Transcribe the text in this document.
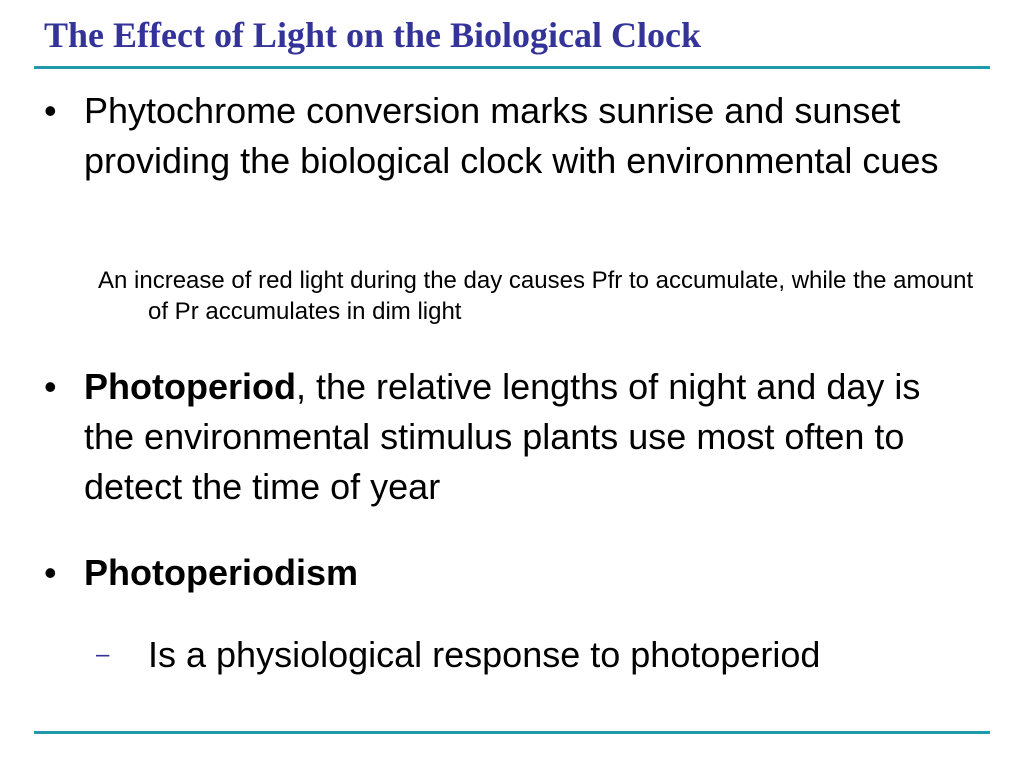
The Effect of Light on the Biological Clock
• Phytochrome conversion marks sunrise and sunset providing the biological clock with environmental cues
An increase of red light during the day causes Pfr to accumulate, while the amount of Pr accumulates in dim light
• Photoperiod, the relative lengths of night and day is the environmental stimulus plants use most often to detect the time of year
• Photoperiodism
– Is a physiological response to photoperiod
